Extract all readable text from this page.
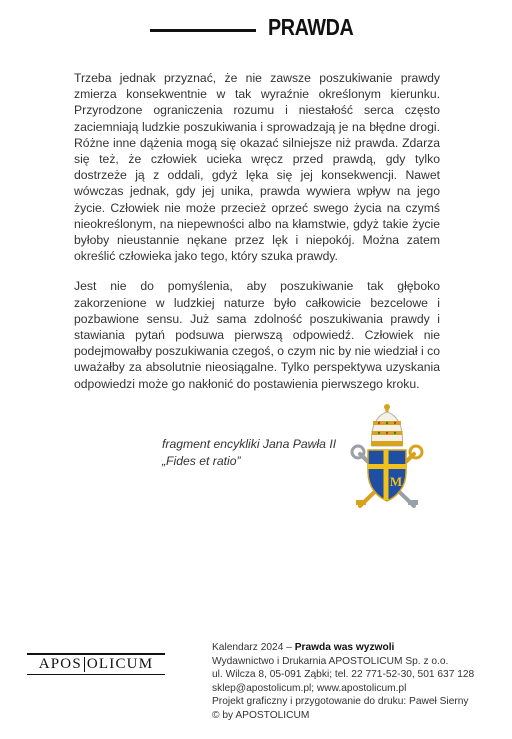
PRAWDA

Trzeba jednak przyznać, że nie zawsze poszukiwanie prawdy zmierza konsekwentnie w tak wyraźnie określonym kierunku. Przyrodzone ograniczenia rozumu i niestałość serca często zaciemniają ludzkie poszukiwania i sprowadzają je na błędne drogi. Różne inne dążenia mogą się okazać silniejsze niż prawda. Zdarza się też, że człowiek ucieka wręcz przed prawdą, gdy tylko dostrzeże ją z oddali, gdyż lęka się jej konsekwencji. Nawet wówczas jednak, gdy jej unika, prawda wywiera wpływ na jego życie. Człowiek nie może przecież oprzeć swego życia na czymś nieokreślonym, na niepewności albo na kłamstwie, gdyż takie życie byłoby nieustannie nękane przez lęk i niepokój. Można zatem określić człowieka jako tego, który szuka prawdy.

Jest nie do pomyślenia, aby poszukiwanie tak głęboko zakorzenione w ludzkiej naturze było całkowicie bezcelowe i pozbawione sensu. Już sama zdolność poszukiwania prawdy i stawiania pytań podsuwa pierwszą odpowiedź. Człowiek nie podejmowałby poszukiwania czegoś, o czym nic by nie wiedział i co uważałby za absolutnie nieosiągalne. Tylko perspektywa uzyskania odpowiedzi może go nakłonić do postawienia pierwszego kroku.

fragment encykliki Jana Pawła II
„Fides et ratio”
M
APOS OLICUM
Kalendarz 2024 – Prawda was wyzwoli
Wydawnictwo i Drukarnia APOSTOLICUM Sp. z o.o.
ul. Wilcza 8, 05-091 Ząbki; tel. 22 771-52-30, 501 637 128
sklep@apostolicum.pl; www.apostolicum.pl
Projekt graficzny i przygotowanie do druku: Paweł Sierny
© by APOSTOLICUM
